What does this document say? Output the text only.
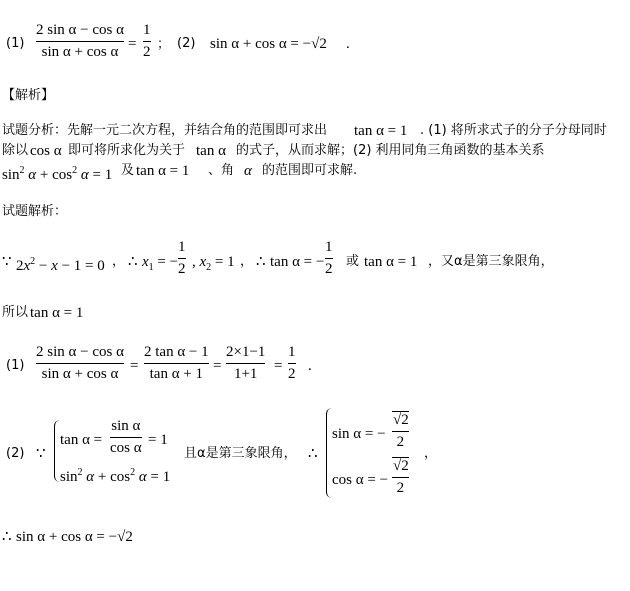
(1)
2 sin α − cos α
sin α + cos α =
1
2 ； (2) sin α + cos α = −√2 .
【解析】
试题分析：先解一元二次方程，并结合角的范围即可求出 tan α = 1 . (1) 将所求式子的分子分母同时
除以 cos α 即可将所求化为关于 tan α 的式子，从而求解；(2) 利用同角三角函数的基本关系
$\sin^2 \alpha + \cos^2 \alpha = 1$ 及 tan α = 1 、角 α 的范围即可求解.
试题解析：
∵ $2x^2 - x - 1 = 0$ ， ∴ $x_1$ = −
1
2 , $x_2 = 1$ ， ∴ tan α = −
1
2 或 tan α = 1 ，又α是第三象限角，
所以 tan α = 1
(1)
2 sin α − cos α
sin α + cos α =
2 tan α − 1
tan α + 1 =
2×1−1
1+1 =
1
2 .
(2) ∵
tan α =
sin α
cos α = 1
$\sin^2 \alpha + \cos^2 \alpha = 1$
且α是第三象限角， ∴
sin α = −
√2
2
cos α = −
√2
2
，
∴ sin α + cos α = −√2
